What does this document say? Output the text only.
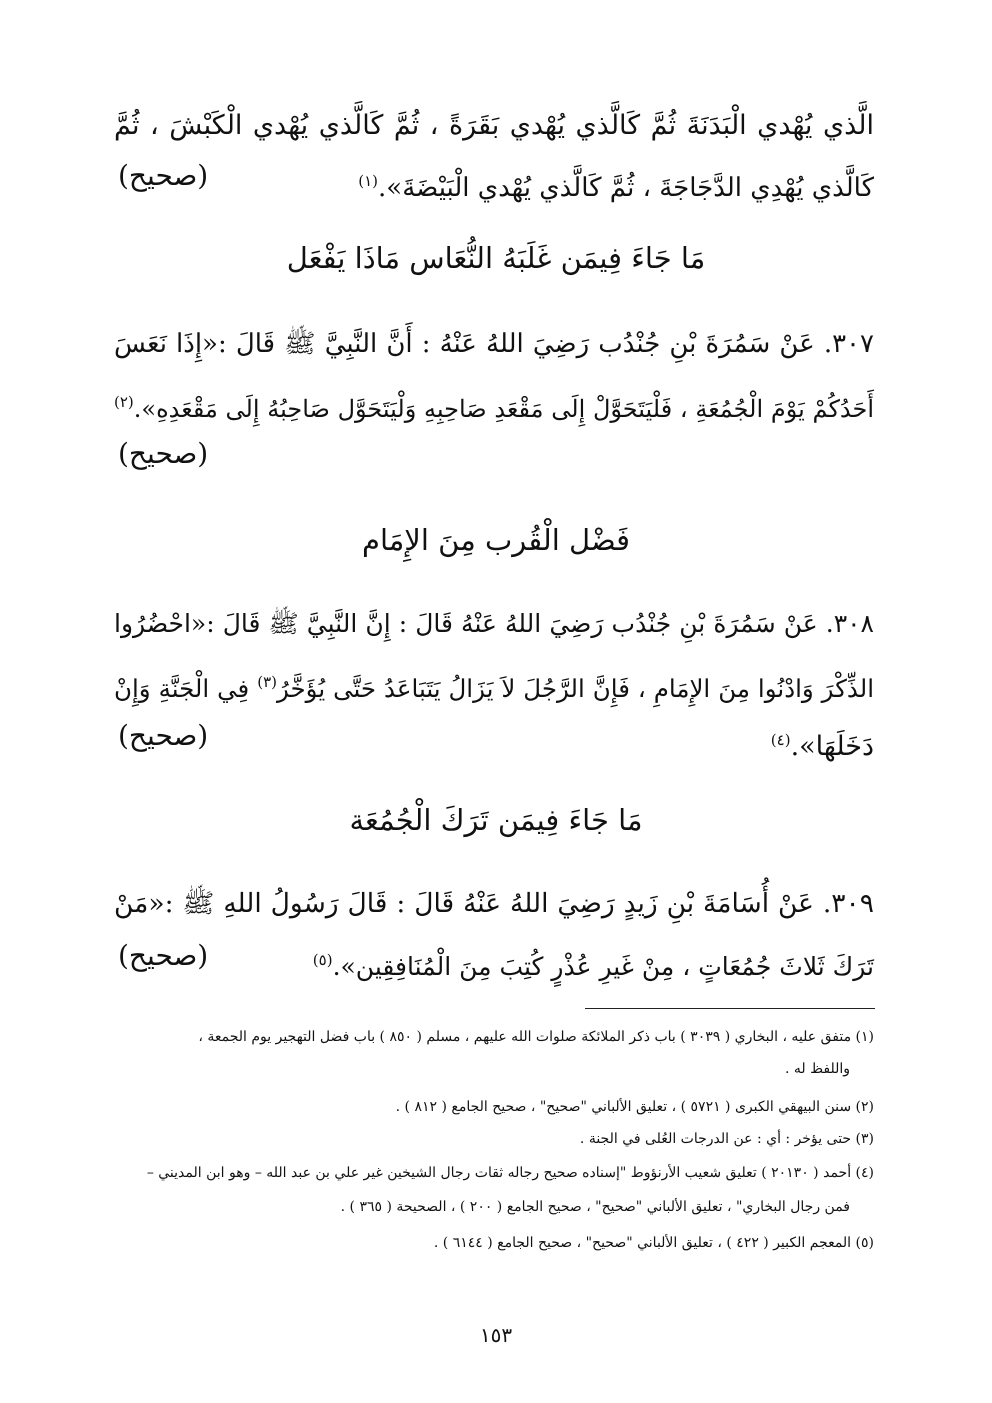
الَّذي يُهْدي الْبَدَنَةَ ثُمَّ كَالَّذي يُهْدي بَقَرَةً ، ثُمَّ كَالَّذي يُهْدي الْكَبْشَ ، ثُمَّ
كَالَّذي يُهْدِي الدَّجَاجَةَ ، ثُمَّ كَالَّذي يُهْدي الْبَيْضَةَ».$^{(١)}$
(صحيح)
مَا جَاءَ فِيمَن غَلَبَهُ النُّعَاس مَاذَا يَفْعَل
٣٠٧. عَنْ سَمُرَةَ بْنِ جُنْدُب رَضِيَ اللهُ عَنْهُ : أَنَّ النَّبِيَّ ﷺ قَالَ :«إِذَا نَعَسَ
أَحَدُكُمْ يَوْمَ الْجُمُعَةِ ، فَلْيَتَحَوَّلْ إِلَى مَقْعَدِ صَاحِبِهِ وَلْيَتَحَوَّل صَاحِبُهُ إِلَى مَقْعَدِهِ».$^{(٢)}$
(صحيح)
فَضْل الْقُرب مِنَ الإِمَام
٣٠٨. عَنْ سَمُرَةَ بْنِ جُنْدُب رَضِيَ اللهُ عَنْهُ قَالَ : إِنَّ النَّبِيَّ ﷺ قَالَ :«احْضُرُوا
الذِّكْرَ وَادْنُوا مِنَ الإِمَامِ ، فَإِنَّ الرَّجُلَ لاَ يَزَالُ يَتَبَاعَدُ حَتَّى يُؤَخَّرُ$^{(٣)}$ فِي الْجَنَّةِ وَإِنْ
دَخَلَهَا».$^{(٤)}$
(صحيح)
مَا جَاءَ فِيمَن تَرَكَ الْجُمُعَة
٣٠٩. عَنْ أُسَامَةَ بْنِ زَيدٍ رَضِيَ اللهُ عَنْهُ قَالَ : قَالَ رَسُولُ اللهِ ﷺ :«مَنْ
تَرَكَ ثَلاثَ جُمُعَاتٍ ، مِنْ غَيرِ عُذْرٍ كُتِبَ مِنَ الْمُنَافِقِين».$^{(٥)}$
(صحيح)
(١) متفق عليه ، البخاري ( ٣٠٣٩ ) باب ذكر الملائكة صلوات الله عليهم ، مسلم ( ٨٥٠ ) باب فضل التهجير يوم الجمعة ،
واللفظ له .
(٢) سنن البيهقي الكبرى ( ٥٧٢١ ) ، تعليق الألباني "صحيح" ، صحيح الجامع ( ٨١٢ ) .
(٣) حتى يؤخر : أي : عن الدرجات العُلى في الجنة .
(٤) أحمد ( ٢٠١٣٠ ) تعليق شعيب الأرنؤوط "إسناده صحيح رجاله ثقات رجال الشيخين غير علي بن عبد الله – وهو ابن المديني –
فمن رجال البخاري" ، تعليق الألباني "صحيح" ، صحيح الجامع ( ٢٠٠ ) ، الصحيحة ( ٣٦٥ ) .
(٥) المعجم الكبير ( ٤٢٢ ) ، تعليق الألباني "صحيح" ، صحيح الجامع ( ٦١٤٤ ) .
١٥٣
